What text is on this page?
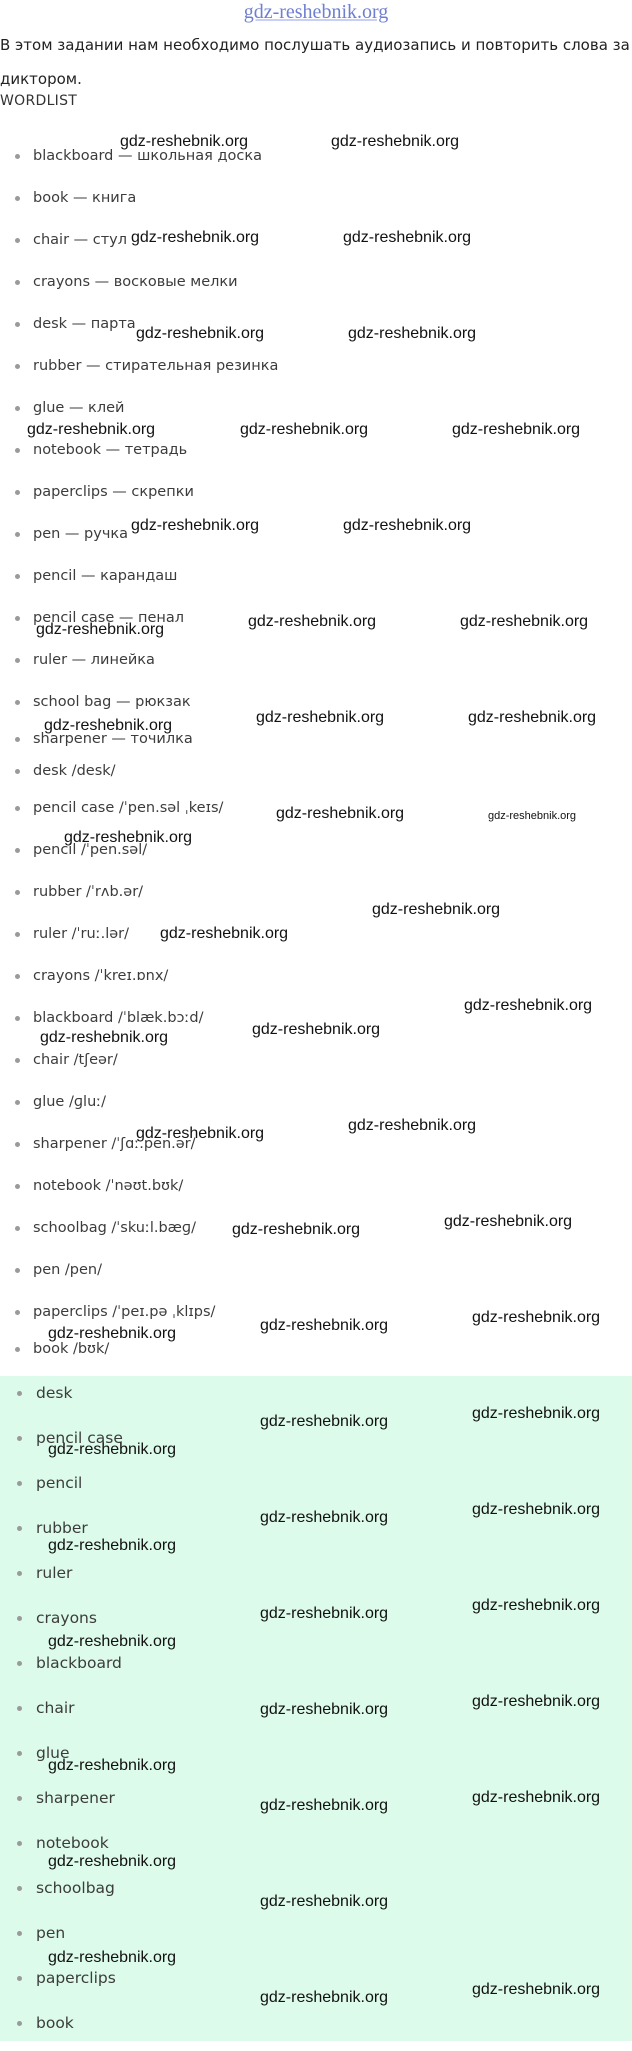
gdz-reshebnik.org

В этом задании нам необходимо послушать аудиозапись и повторить слова за диктором.

WORDLIST
blackboard — школьная доска
book — книга
chair — стул
crayons — восковые мелки
desk — парта
rubber — стирательная резинка
glue — клей
notebook — тетрадь
paperclips — скрепки
pen — ручка
pencil — карандаш
pencil case — пенал
ruler — линейка
school bag — рюкзак
sharpener — точилка
desk /desk/
pencil case /ˈpen.səl ˌkeɪs/
pencil /ˈpen.səl/
rubber /ˈrʌb.ər/
ruler /ˈruː.lər/
crayons /ˈkreɪ.ɒnx/
blackboard /ˈblæk.bɔːd/
chair /tʃeər/
glue /ɡluː/
sharpener /ˈʃɑː.pen.ər/
notebook /ˈnəʊt.bʊk/
schoolbag /ˈskuːl.bæɡ/
pen /pen/
paperclips /ˈpeɪ.pə ˌklɪps/
book /bʊk/
desk
pencil case
pencil
rubber
ruler
crayons
blackboard
chair
glue
sharpener
notebook
schoolbag
pen
paperclips
book
gdz-reshebnik.org	gdz-reshebnik.org
gdz-reshebnik.org	gdz-reshebnik.org
gdz-reshebnik.org	gdz-reshebnik.org
gdz-reshebnik.org	gdz-reshebnik.org	gdz-reshebnik.org
gdz-reshebnik.org	gdz-reshebnik.org
gdz-reshebnik.org	gdz-reshebnik.org
gdz-reshebnik.org
gdz-reshebnik.org	gdz-reshebnik.org
gdz-reshebnik.org
gdz-reshebnik.org	gdz-reshebnik.org
gdz-reshebnik.org
gdz-reshebnik.org
gdz-reshebnik.org
gdz-reshebnik.org
gdz-reshebnik.org
gdz-reshebnik.org
gdz-reshebnik.org
gdz-reshebnik.org
gdz-reshebnik.org
gdz-reshebnik.org
gdz-reshebnik.org
gdz-reshebnik.org
gdz-reshebnik.org
gdz-reshebnik.org
gdz-reshebnik.org
gdz-reshebnik.org
gdz-reshebnik.org
gdz-reshebnik.org
gdz-reshebnik.org
gdz-reshebnik.org
gdz-reshebnik.org
gdz-reshebnik.org
gdz-reshebnik.org
gdz-reshebnik.org
gdz-reshebnik.org
gdz-reshebnik.org
gdz-reshebnik.org
gdz-reshebnik.org
gdz-reshebnik.org
gdz-reshebnik.org
gdz-reshebnik.org
gdz-reshebnik.org
